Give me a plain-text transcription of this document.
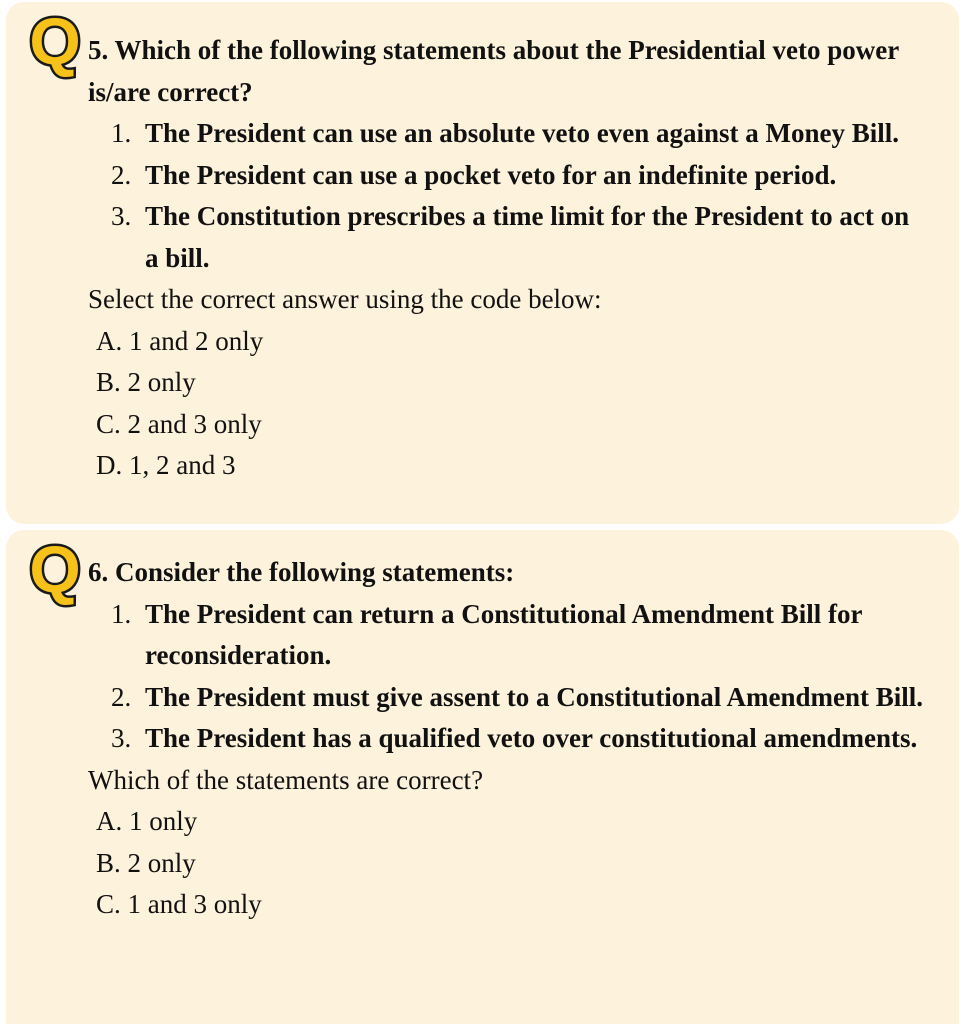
Q 5. Which of the following statements about the Presidential veto power is/are correct?

1. The President can use an absolute veto even against a Money Bill.
2. The President can use a pocket veto for an indefinite period.
3. The Constitution prescribes a time limit for the President to act on a bill.

Select the correct answer using the code below:

A. 1 and 2 only
B. 2 only
C. 2 and 3 only
D. 1, 2 and 3
Q 6. Consider the following statements:

1. The President can return a Constitutional Amendment Bill for reconsideration.
2. The President must give assent to a Constitutional Amendment Bill.
3. The President has a qualified veto over constitutional amendments.

Which of the statements are correct?

A. 1 only
B. 2 only
C. 1 and 3 only
